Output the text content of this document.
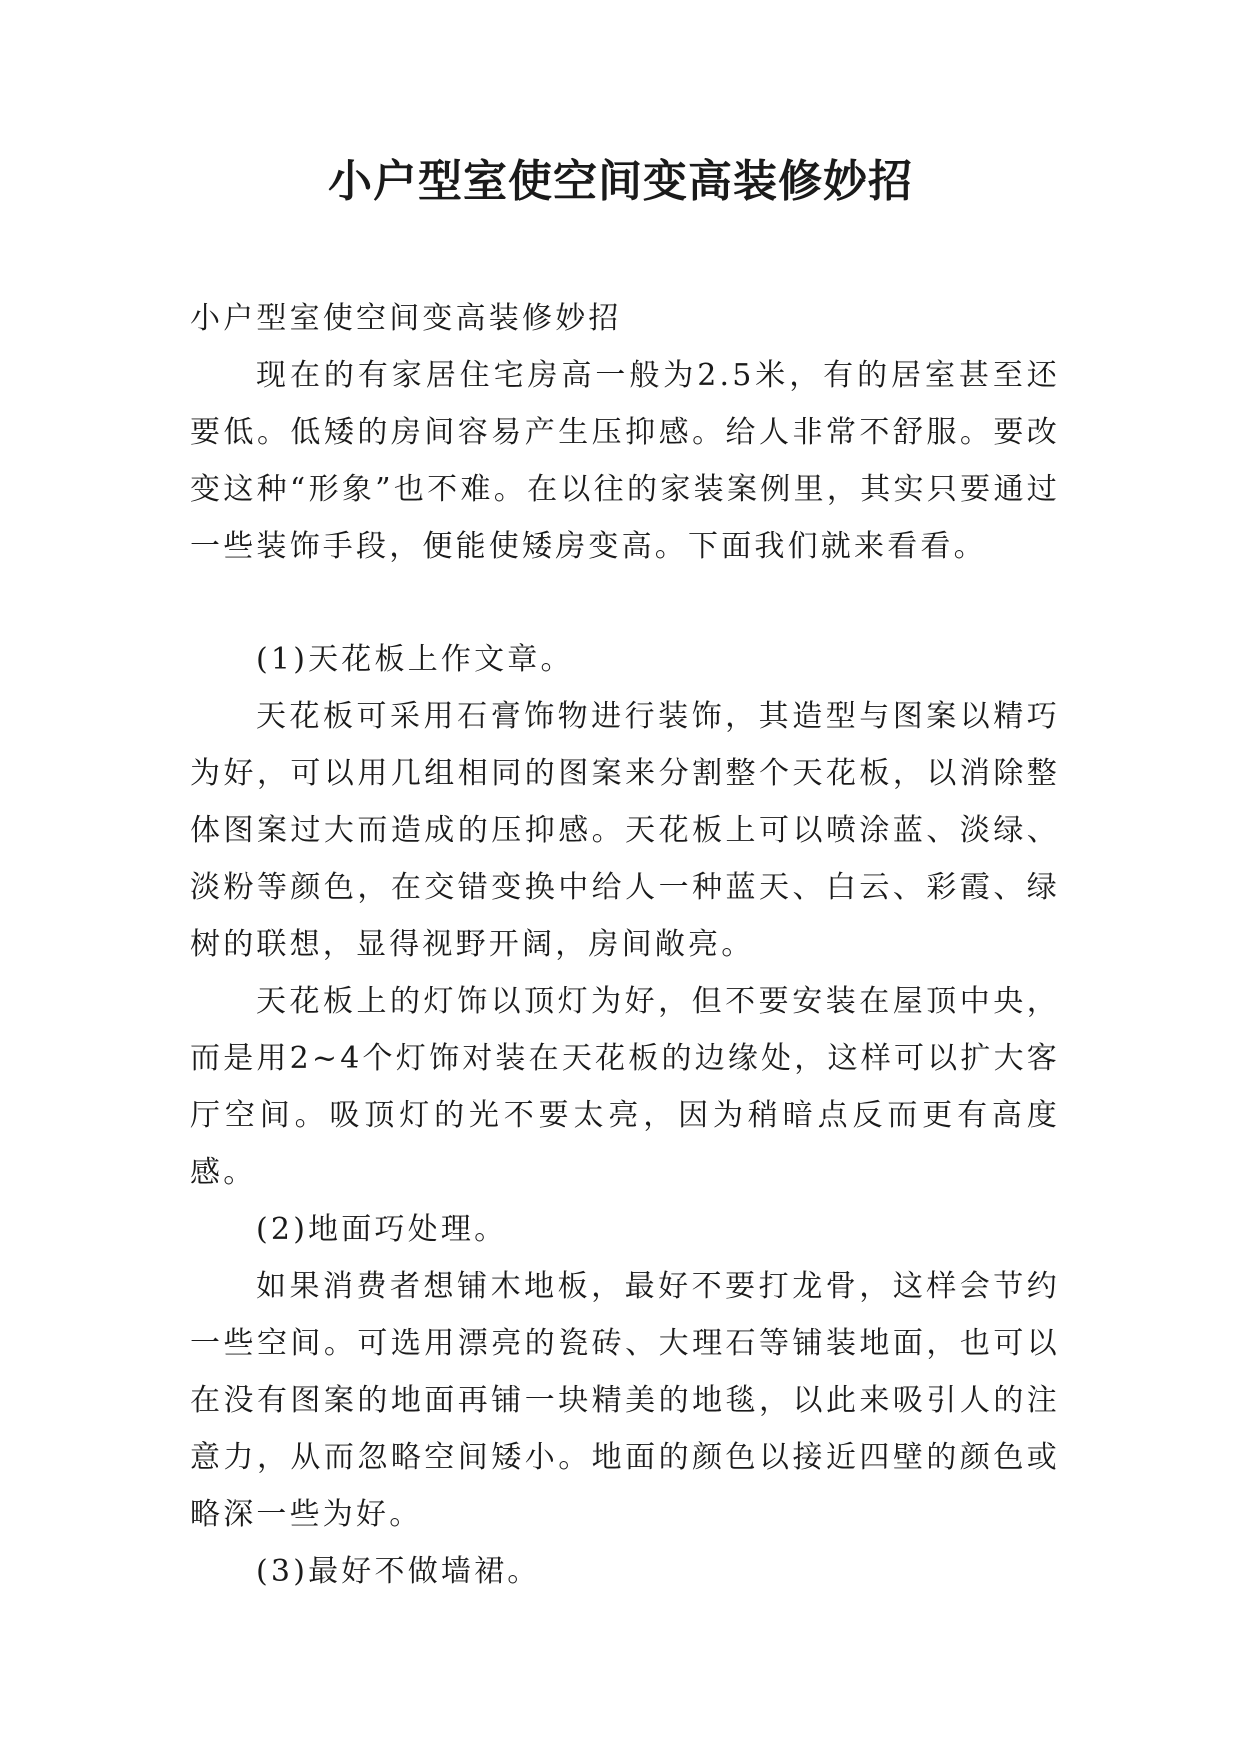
小户型室使空间变高装修妙招

小户型室使空间变高装修妙招

现在的有家居住宅房高一般为2.5米，有的居室甚至还要低。低矮的房间容易产生压抑感。给人非常不舒服。要改变这种“形象”也不难。在以往的家装案例里，其实只要通过一些装饰手段，便能使矮房变高。下面我们就来看看。

(1)天花板上作文章。

天花板可采用石膏饰物进行装饰，其造型与图案以精巧为好，可以用几组相同的图案来分割整个天花板，以消除整体图案过大而造成的压抑感。天花板上可以喷涂蓝、淡绿、淡粉等颜色，在交错变换中给人一种蓝天、白云、彩霞、绿树的联想，显得视野开阔，房间敞亮。

天花板上的灯饰以顶灯为好，但不要安装在屋顶中央，而是用2~4个灯饰对装在天花板的边缘处，这样可以扩大客厅空间。吸顶灯的光不要太亮，因为稍暗点反而更有高度感。

(2)地面巧处理。

如果消费者想铺木地板，最好不要打龙骨，这样会节约一些空间。可选用漂亮的瓷砖、大理石等铺装地面，也可以在没有图案的地面再铺一块精美的地毯，以此来吸引人的注意力，从而忽略空间矮小。地面的颜色以接近四壁的颜色或略深一些为好。

(3)最好不做墙裙。
